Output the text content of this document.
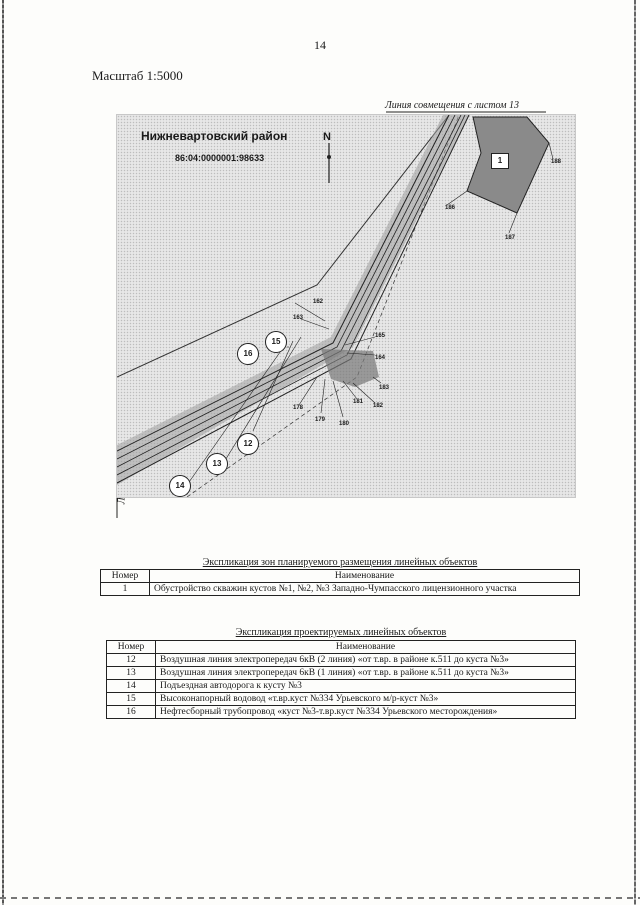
14
Масштаб 1:5000
Линия совмещения с листом 13
Нижневартовский район
86:04:0000001:98633
N
1
12
13
14
15
16
162
163
164
165
178
179
180
181
182
183
186
187
188
Экспликация зон планируемого размещения линейных объектов
Номер	Наименование
1	Обустройство скважин кустов №1, №2, №3 Западно-Чумпасского лицензионного участка
Экспликация проектируемых линейных объектов
Номер	Наименование
12	Воздушная линия электропередач 6кВ (2 линия) «от т.вр. в районе к.511 до куста №3»
13	Воздушная линия электропередач 6кВ (1 линия) «от т.вр. в районе к.511 до куста №3»
14	Подъездная автодорога к кусту №3
15	Высоконапорный водовод «т.вр.куст №334 Урьевского м/р-куст №3»
16	Нефтесборный трубопровод «куст №3-т.вр.куст №334 Урьевского месторождения»
